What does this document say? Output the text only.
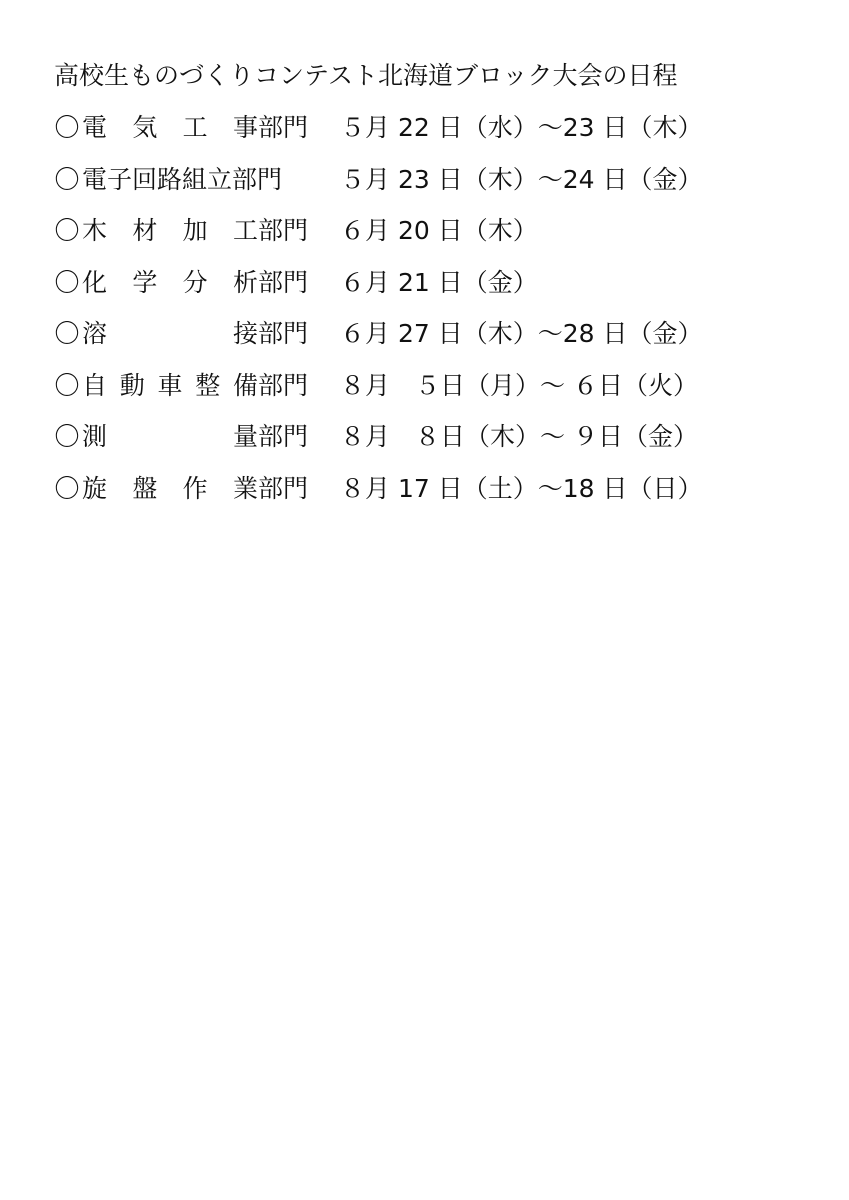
高校生ものづくりコンテスト北海道ブロック大会の日程
〇 電 気 工 事部門 ５月 22 日（水）～23 日（木）
〇 電子回路組立部門 ５月 23 日（木）～24 日（金）
〇 木 材 加 工部門 ６月 20 日（木）
〇 化 学 分 析部門 ６月 21 日（金）
〇 溶	接部門 ６月 27 日（木）～28 日（金）
〇 自 動 車 整 備部門 ８月　５日（月）～ ６日（火）
〇 測	量部門 ８月　８日（木）～ ９日（金）
〇 旋 盤 作 業部門 ８月 17 日（土）～18 日（日）
